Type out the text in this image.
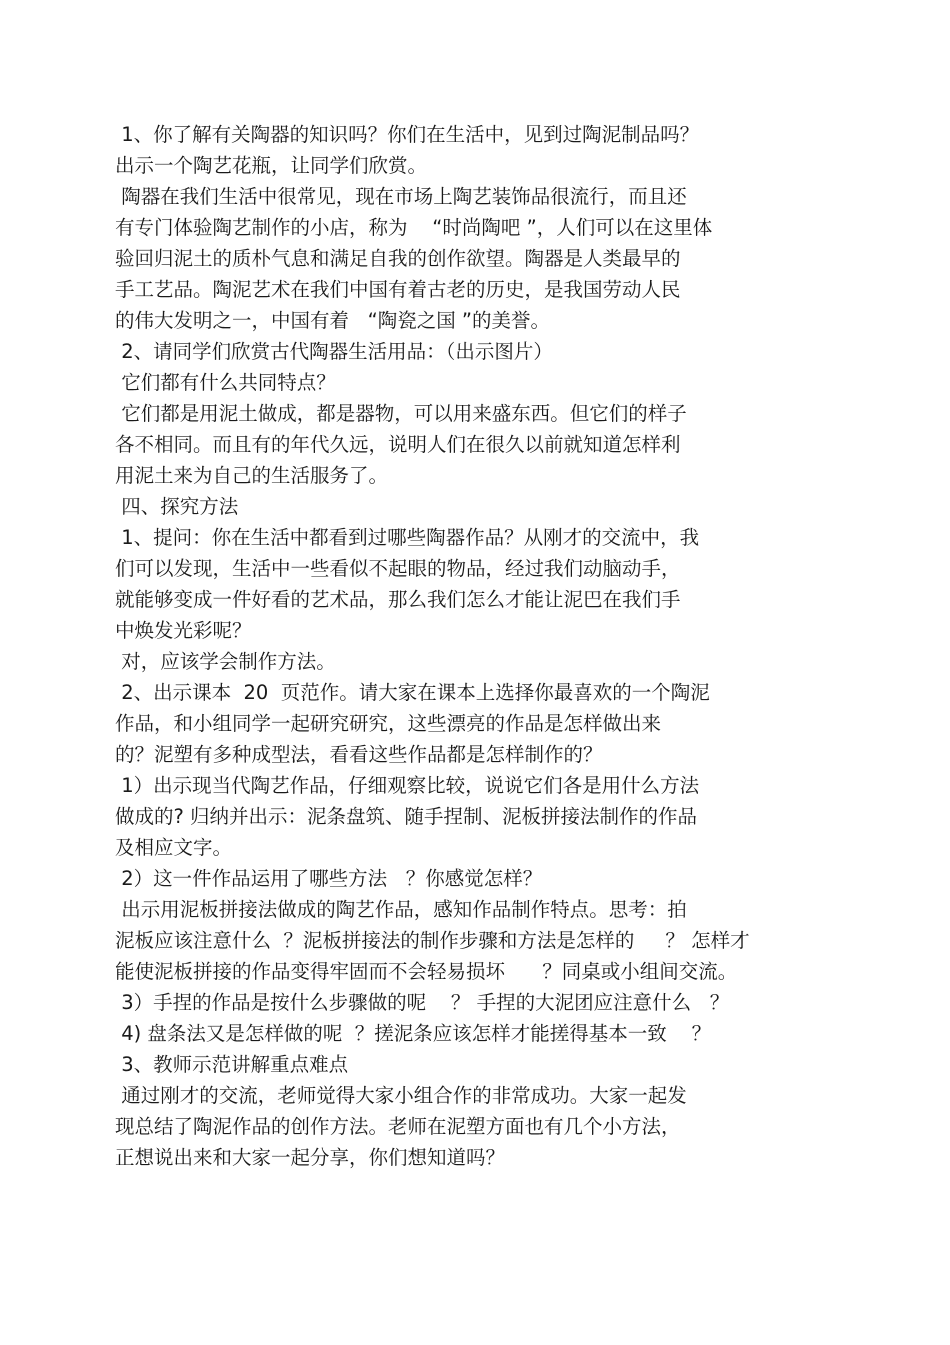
1、你了解有关陶器的知识吗？你们在生活中，见到过陶泥制品吗？

出示一个陶艺花瓶，让同学们欣赏。

陶器在我们生活中很常见，现在市场上陶艺装饰品很流行，而且还

有专门体验陶艺制作的小店，称为    “时尚陶吧 ”，人们可以在这里体

验回归泥土的质朴气息和满足自我的创作欲望。陶器是人类最早的

手工艺品。陶泥艺术在我们中国有着古老的历史，是我国劳动人民

的伟大发明之一，中国有着   “陶瓷之国 ”的美誉。

2、请同学们欣赏古代陶器生活用品：（出示图片）

它们都有什么共同特点？

它们都是用泥土做成，都是器物，可以用来盛东西。但它们的样子

各不相同。而且有的年代久远，说明人们在很久以前就知道怎样利

用泥土来为自己的生活服务了。

四、探究方法

1、提问：你在生活中都看到过哪些陶器作品？从刚才的交流中，我

们可以发现，生活中一些看似不起眼的物品，经过我们动脑动手，

就能够变成一件好看的艺术品，那么我们怎么才能让泥巴在我们手

中焕发光彩呢？

对，应该学会制作方法。

2、出示课本  20  页范作。请大家在课本上选择你最喜欢的一个陶泥

作品，和小组同学一起研究研究，这些漂亮的作品是怎样做出来

的？泥塑有多种成型法，看看这些作品都是怎样制作的？

1）出示现当代陶艺作品，仔细观察比较，说说它们各是用什么方法

做成的? 归纳并出示：泥条盘筑、随手捏制、泥板拼接法制作的作品

及相应文字。

2）这一件作品运用了哪些方法   ？你感觉怎样？

出示用泥板拼接法做成的陶艺作品，感知作品制作特点。思考：拍

泥板应该注意什么  ？泥板拼接法的制作步骤和方法是怎样的     ？ 怎样才

能使泥板拼接的作品变得牢固而不会轻易损坏      ？同桌或小组间交流。

3）手捏的作品是按什么步骤做的呢    ？ 手捏的大泥团应注意什么   ？

4) 盘条法又是怎样做的呢  ？搓泥条应该怎样才能搓得基本一致    ？

3、教师示范讲解重点难点

通过刚才的交流，老师觉得大家小组合作的非常成功。大家一起发

现总结了陶泥作品的创作方法。老师在泥塑方面也有几个小方法，

正想说出来和大家一起分享，你们想知道吗？
